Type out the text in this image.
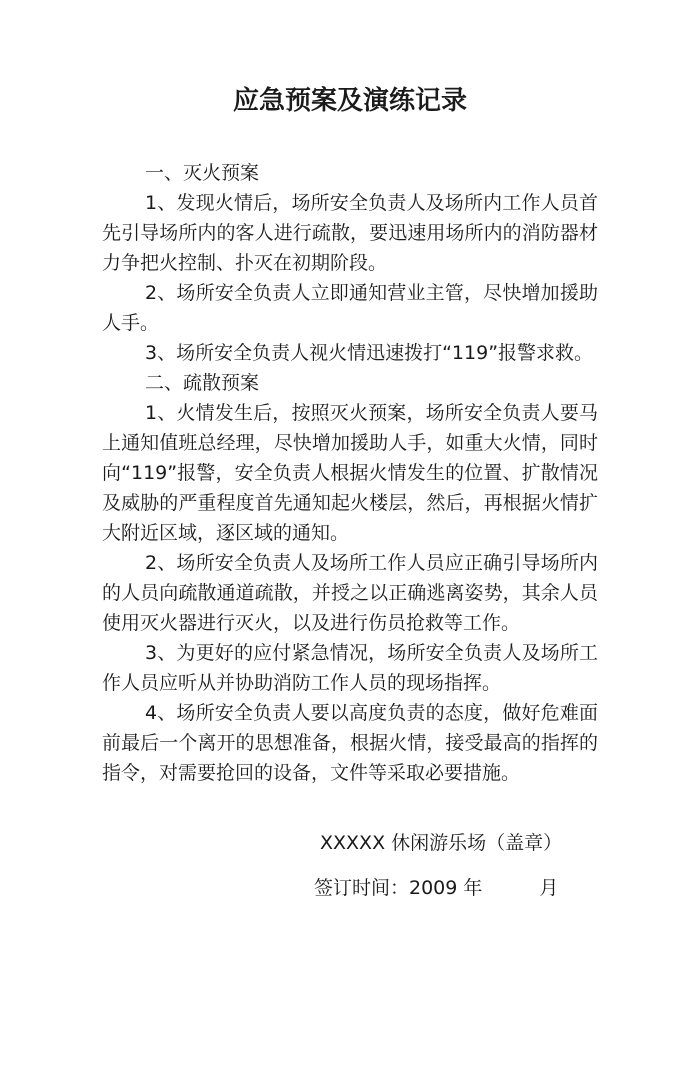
应急预案及演练记录

一、灭火预案

1、发现火情后，场所安全负责人及场所内工作人员首先引导场所内的客人进行疏散，要迅速用场所内的消防器材力争把火控制、扑灭在初期阶段。

2、场所安全负责人立即通知营业主管，尽快增加援助人手。

3、场所安全负责人视火情迅速拨打“119”报警求救。

二、疏散预案

1、火情发生后，按照灭火预案，场所安全负责人要马上通知值班总经理，尽快增加援助人手，如重大火情，同时向“119”报警，安全负责人根据火情发生的位置、扩散情况及威胁的严重程度首先通知起火楼层，然后，再根据火情扩大附近区域，逐区域的通知。

2、场所安全负责人及场所工作人员应正确引导场所内的人员向疏散通道疏散，并授之以正确逃离姿势，其余人员使用灭火器进行灭火，以及进行伤员抢救等工作。

3、为更好的应付紧急情况，场所安全负责人及场所工作人员应听从并协助消防工作人员的现场指挥。

4、场所安全负责人要以高度负责的态度，做好危难面前最后一个离开的思想准备，根据火情，接受最高的指挥的指令，对需要抢回的设备，文件等采取必要措施。

XXXXX 休闲游乐场（盖章）
签订时间：2009 年　　　月
